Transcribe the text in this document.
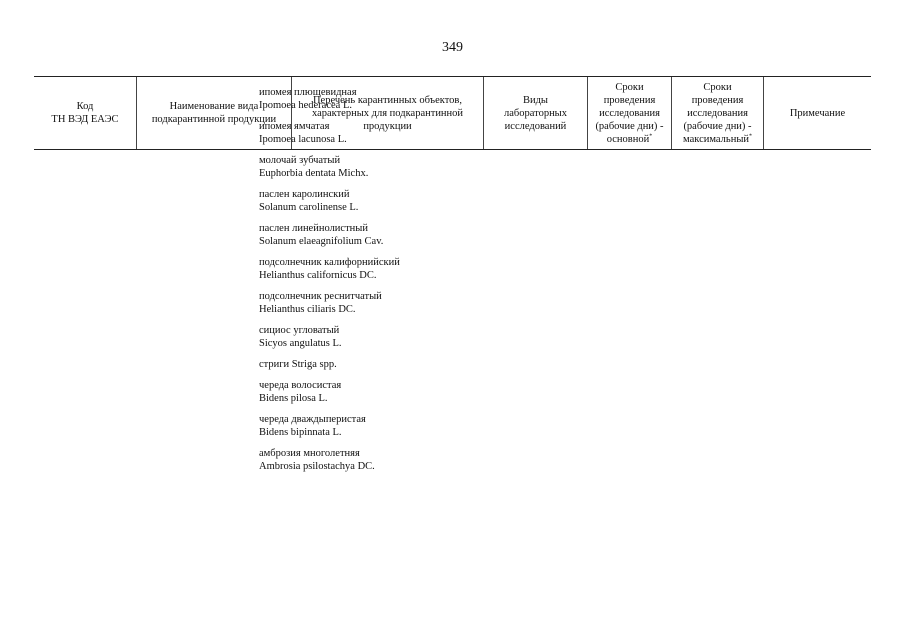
349
Код
ТН ВЭД ЕАЭС
Наименование вида
подкарантинной продукции
Перечень карантинных объектов,
характерных для подкарантинной
продукции
Виды
лабораторных
исследований
Сроки
проведения
исследования
(рабочие дни) -
основной*
Сроки
проведения
исследования
(рабочие дни) -
максимальный*
Примечание
ипомея плющевидная
Ipomoea hederacea L.
ипомея ямчатая
Ipomoea lacunosa L.
молочай зубчатый
Euphorbia dentata Michx.
паслен каролинский
Solanum carolinense L.
паслен линейнолистный
Solanum elaeagnifolium Cav.
подсолнечник калифорнийский
Helianthus californicus DC.
подсолнечник реснитчатый
Helianthus ciliaris DC.
сициос угловатый
Sicyos angulatus L.
стриги Striga spp.
череда волосистая
Bidens pilosa L.
череда дваждыперистая
Bidens bipinnata L.
амброзия многолетняя
Ambrosia psilostachya DC.
